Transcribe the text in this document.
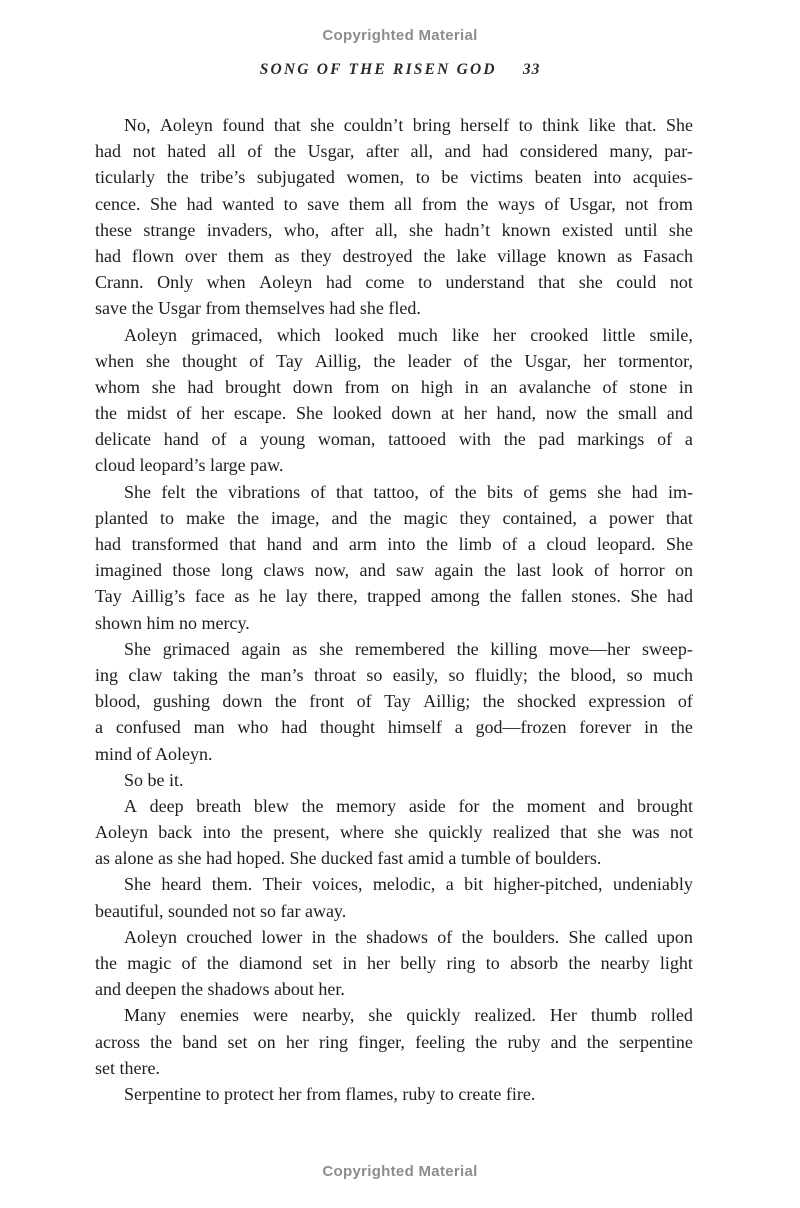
Copyrighted Material
SONG OF THE RISEN GOD 33
No, Aoleyn found that she couldn’t bring herself to think like that. She
had not hated all of the Usgar, after all, and had considered many, par-
ticularly the tribe’s subjugated women, to be victims beaten into acquies-
cence. She had wanted to save them all from the ways of Usgar, not from
these strange invaders, who, after all, she hadn’t known existed until she
had flown over them as they destroyed the lake village known as Fasach
Crann. Only when Aoleyn had come to understand that she could not
save the Usgar from themselves had she fled.
Aoleyn grimaced, which looked much like her crooked little smile,
when she thought of Tay Aillig, the leader of the Usgar, her tormentor,
whom she had brought down from on high in an avalanche of stone in
the midst of her escape. She looked down at her hand, now the small and
delicate hand of a young woman, tattooed with the pad markings of a
cloud leopard’s large paw.
She felt the vibrations of that tattoo, of the bits of gems she had im-
planted to make the image, and the magic they contained, a power that
had transformed that hand and arm into the limb of a cloud leopard. She
imagined those long claws now, and saw again the last look of horror on
Tay Aillig’s face as he lay there, trapped among the fallen stones. She had
shown him no mercy.
She grimaced again as she remembered the killing move—her sweep-
ing claw taking the man’s throat so easily, so fluidly; the blood, so much
blood, gushing down the front of Tay Aillig; the shocked expression of
a confused man who had thought himself a god—frozen forever in the
mind of Aoleyn.
So be it.
A deep breath blew the memory aside for the moment and brought
Aoleyn back into the present, where she quickly realized that she was not
as alone as she had hoped. She ducked fast amid a tumble of boulders.
She heard them. Their voices, melodic, a bit higher-pitched, undeniably
beautiful, sounded not so far away.
Aoleyn crouched lower in the shadows of the boulders. She called upon
the magic of the diamond set in her belly ring to absorb the nearby light
and deepen the shadows about her.
Many enemies were nearby, she quickly realized. Her thumb rolled
across the band set on her ring finger, feeling the ruby and the serpentine
set there.
Serpentine to protect her from flames, ruby to create fire.
Copyrighted Material
